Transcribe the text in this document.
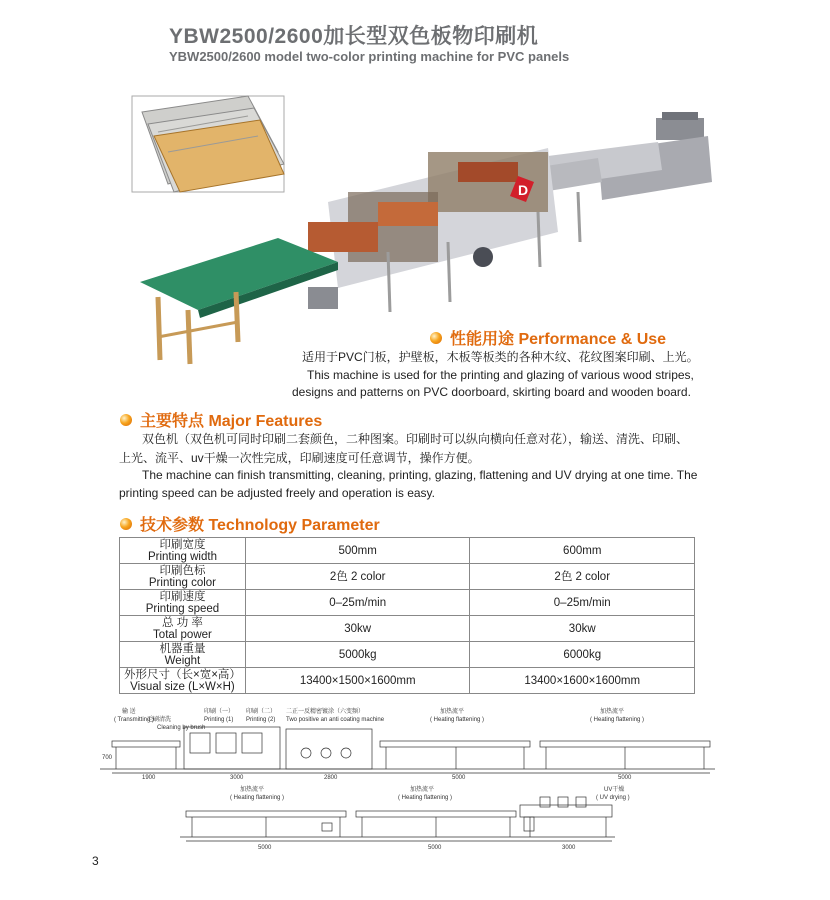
YBW2500/2600加长型双色板物印刷机
YBW2500/2600 model two-color printing machine for PVC panels
D
性能用途 Performance & Use
适用于PVC门板，护壁板，木板等板类的各种木纹、花纹图案印刷、上光。
This machine is used for the printing and glazing of various wood stripes,
designs and patterns on PVC doorboard, skirting board and wooden board.
主要特点 Major Features
双色机（双色机可同时印刷二套颜色，二种图案。印刷时可以纵向横向任意对花），输送、清洗、印刷、
上光、流平、uv干燥一次性完成，印刷速度可任意调节，操作方便。
The machine can finish transmitting, cleaning, printing, glazing, flattening and UV drying at one time. The
printing speed can be adjusted freely and operation is easy.
技术参数 Technology Parameter
印刷宽度
Printing width	500mm	600mm

印刷色标
Printing color	2色 2 color	2色 2 color

印刷速度
Printing speed	0–25m/min	0–25m/min

总 功 率
Total power	30kw	30kw

机器重量
Weight	5000kg	6000kg

外形尺寸（长×宽×高）
Visual size (L×W×H)	13400×1500×1600mm	13400×1600×1600mm
输 送
( Transmitting )
毛刷清洗
Cleaning by brush
印刷（一）
Printing (1)
印刷（二）
Printing (2)
二正一反精密镀涂（六变频）
Two positive an anti coating machine
加热流平
( Heating flattening )
加热流平
( Heating flattening )
700
1900	3000	2800	5000	5000
加热流平
( Heating flattening )
加热流平
( Heating flattening )
UV干燥
( UV drying )
5000	5000	3000
3
